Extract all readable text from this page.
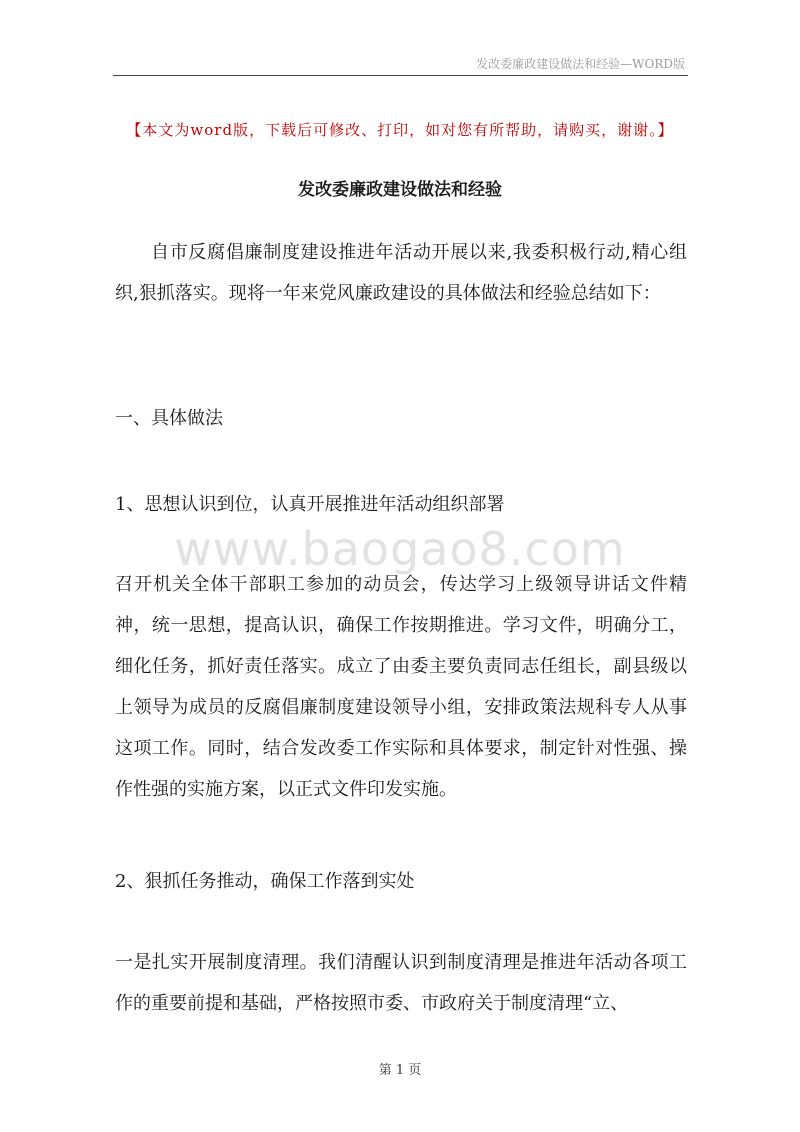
发改委廉政建设做法和经验—WORD版
【本文为word版，下载后可修改、打印，如对您有所帮助，请购买，谢谢。】
发改委廉政建设做法和经验
自市反腐倡廉制度建设推进年活动开展以来,我委积极行动,精心组织,狠抓落实。现将一年来党风廉政建设的具体做法和经验总结如下：
一、具体做法
1、思想认识到位，认真开展推进年活动组织部署
www.baogao8.com
召开机关全体干部职工参加的动员会，传达学习上级领导讲话文件精神，统一思想，提高认识，确保工作按期推进。学习文件，明确分工，细化任务，抓好责任落实。成立了由委主要负责同志任组长，副县级以上领导为成员的反腐倡廉制度建设领导小组，安排政策法规科专人从事这项工作。同时，结合发改委工作实际和具体要求，制定针对性强、操作性强的实施方案，以正式文件印发实施。
2、狠抓任务推动，确保工作落到实处
一是扎实开展制度清理。我们清醒认识到制度清理是推进年活动各项工作的重要前提和基础，严格按照市委、市政府关于制度清理“立、
第 1 页
